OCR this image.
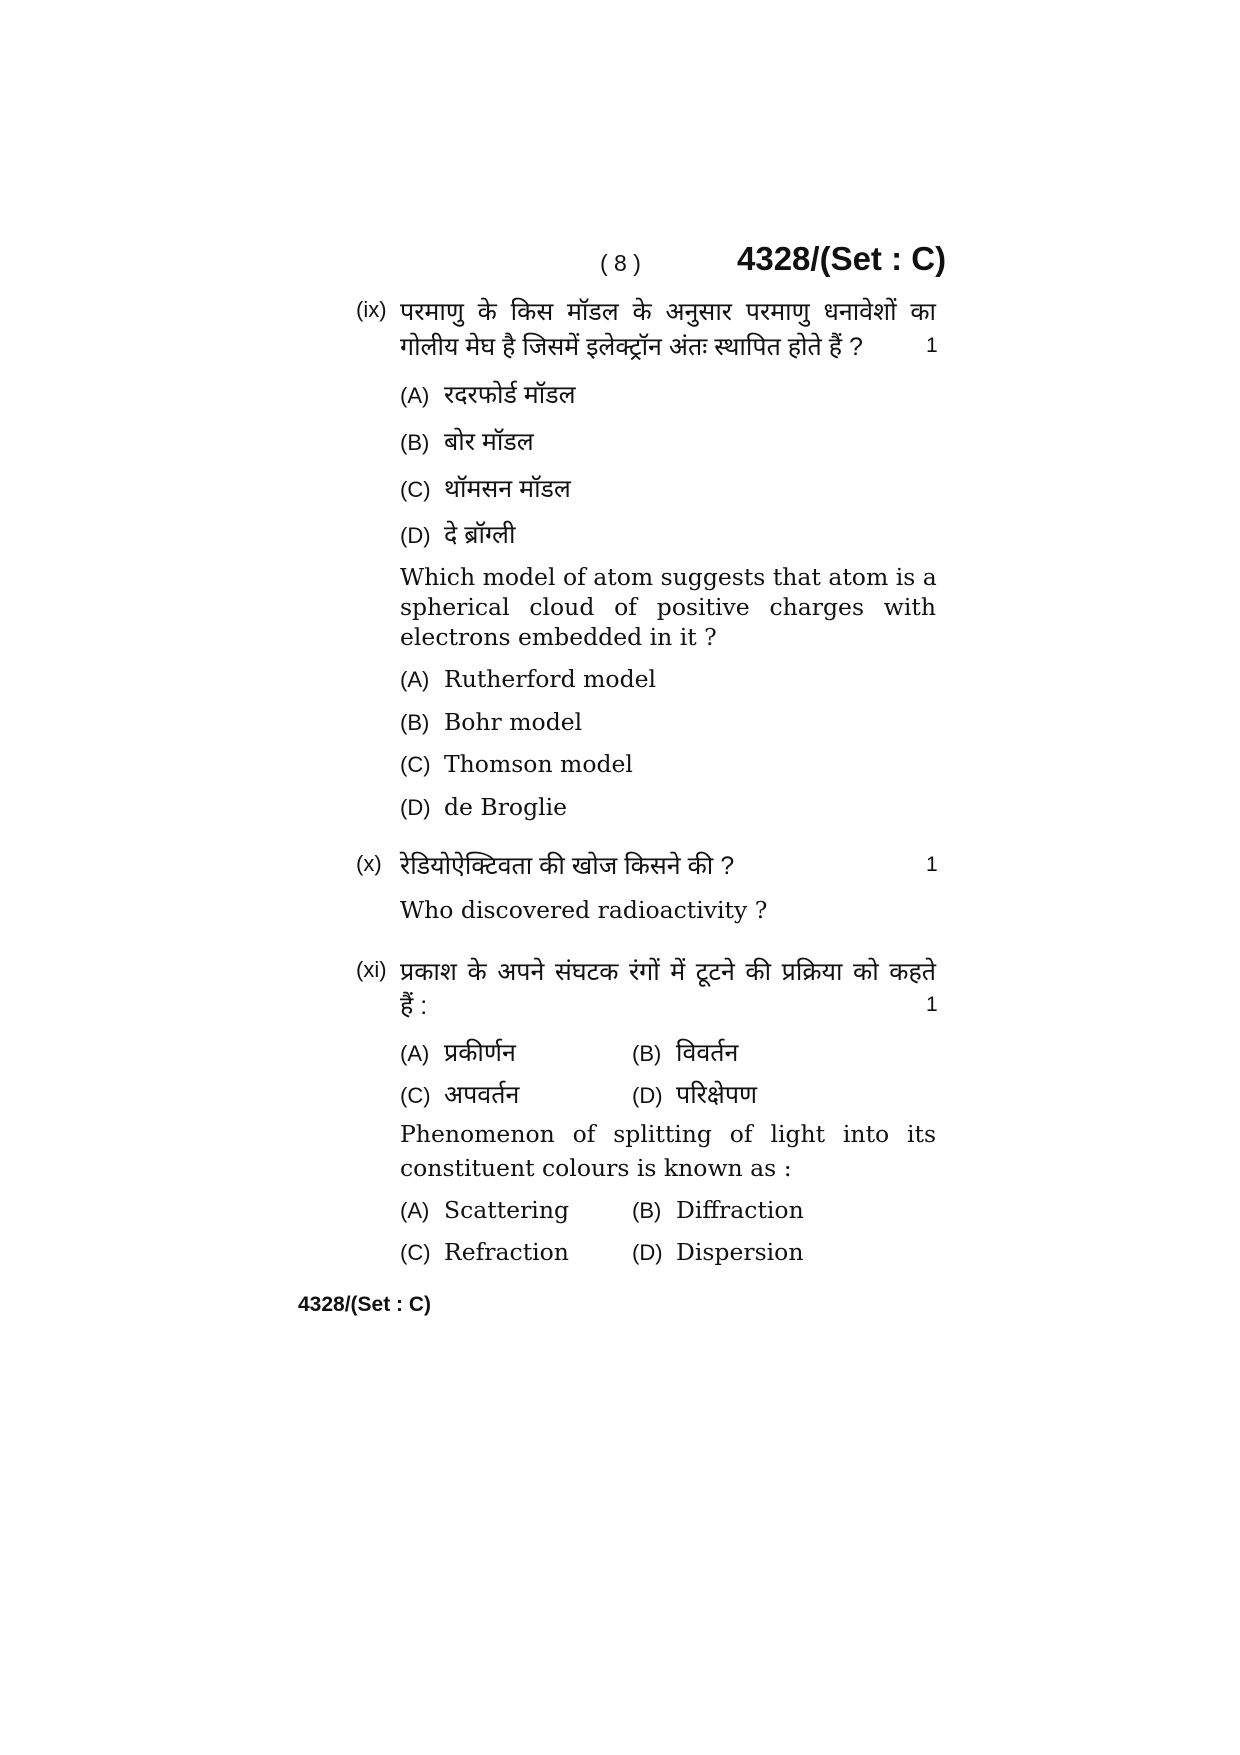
( 8 )	4328/(Set : C)
(ix) परमाणु के किस मॉडल के अनुसार परमाणु धनावेशों का
गोलीय मेघ है जिसमें इलेक्ट्रॉन अंतः स्थापित होते हैं ?	1
(A) रदरफोर्ड मॉडल
(B) बोर मॉडल
(C) थॉमसन मॉडल
(D) दे ब्रॉग्ली
Which model of atom suggests that atom is a
spherical cloud of positive charges with
electrons embedded in it ?
(A) Rutherford model
(B) Bohr model
(C) Thomson model
(D) de Broglie
(x) रेडियोऐक्टिवता की खोज किसने की ?	1
Who discovered radioactivity ?
(xi) प्रकाश के अपने संघटक रंगों में टूटने की प्रक्रिया को कहते
हैं :	1
(A) प्रकीर्णन	(B) विवर्तन
(C) अपवर्तन	(D) परिक्षेपण
Phenomenon of splitting of light into its
constituent colours is known as :
(A) Scattering	(B) Diffraction
(C) Refraction	(D) Dispersion
4328/(Set : C)
